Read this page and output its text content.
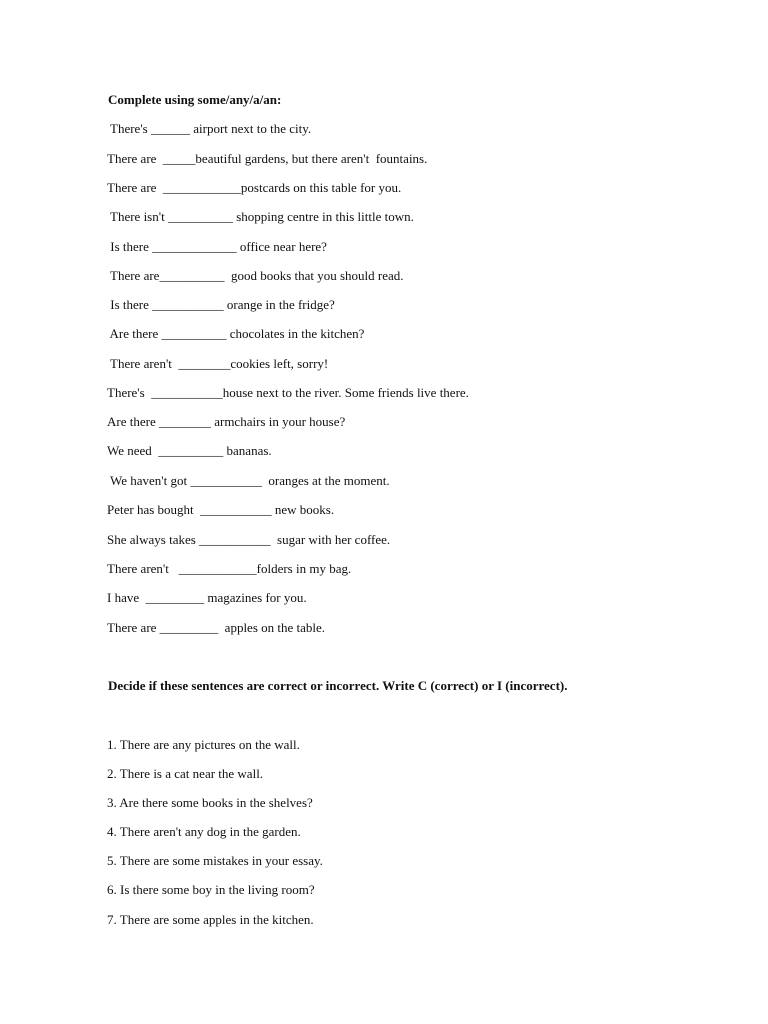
Complete using some/any/a/an:
There's ______ airport next to the city.
There are  _____beautiful gardens, but there aren't  fountains.
There are  ____________postcards on this table for you.
There isn't __________ shopping centre in this little town.
Is there _____________ office near here?
There are__________  good books that you should read.
Is there ___________ orange in the fridge?
Are there __________ chocolates in the kitchen?
There aren't  ________cookies left, sorry!
There's  ___________house next to the river. Some friends live there.
Are there ________ armchairs in your house?
We need  __________ bananas.
We haven't got ___________  oranges at the moment.
Peter has bought  ___________ new books.
She always takes ___________  sugar with her coffee.
There aren't   ____________folders in my bag.
I have  _________ magazines for you.
There are _________  apples on the table.
Decide if these sentences are correct or incorrect. Write C (correct) or I (incorrect).
1. There are any pictures on the wall.
2. There is a cat near the wall.
3. Are there some books in the shelves?
4. There aren't any dog in the garden.
5. There are some mistakes in your essay.
6. Is there some boy in the living room?
7. There are some apples in the kitchen.
